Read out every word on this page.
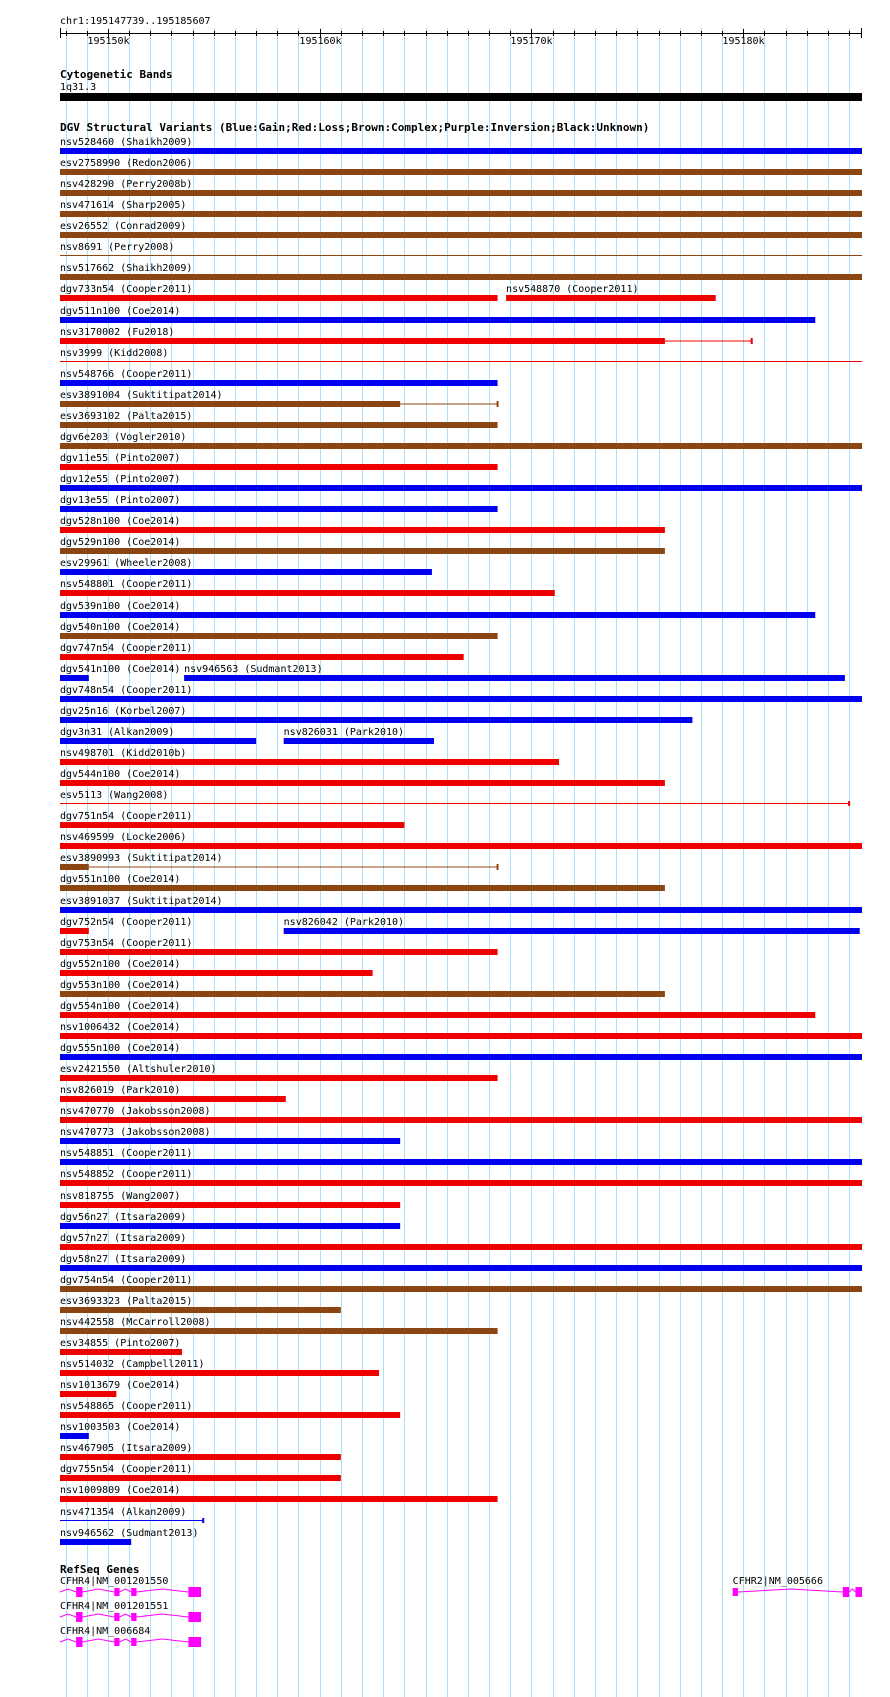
chr1:195147739..195185607
195150k	195160k	195170k	195180k
Cytogenetic Bands
1q31.3
DGV Structural Variants (Blue:Gain;Red:Loss;Brown:Complex;Purple:Inversion;Black:Unknown)
nsv528460 (Shaikh2009)
esv2758990 (Redon2006)
nsv428290 (Perry2008b)
nsv471614 (Sharp2005)
esv26552 (Conrad2009)
nsv8691 (Perry2008)
nsv517662 (Shaikh2009)
dgv733n54 (Cooper2011)	nsv548870 (Cooper2011)
dgv511n100 (Coe2014)
nsv3170002 (Fu2018)
nsv3999 (Kidd2008)
nsv548766 (Cooper2011)
esv3891004 (Suktitipat2014)
esv3693102 (Palta2015)
dgv6e203 (Vogler2010)
dgv11e55 (Pinto2007)
dgv12e55 (Pinto2007)
dgv13e55 (Pinto2007)
dgv528n100 (Coe2014)
dgv529n100 (Coe2014)
esv29961 (Wheeler2008)
nsv548801 (Cooper2011)
dgv539n100 (Coe2014)
dgv540n100 (Coe2014)
dgv747n54 (Cooper2011)
dgv541n100 (Coe2014) nsv946563 (Sudmant2013)
dgv748n54 (Cooper2011)
dgv25n16 (Korbel2007)
dgv3n31 (Alkan2009)	nsv826031 (Park2010)
nsv498701 (Kidd2010b)
dgv544n100 (Coe2014)
esv5113 (Wang2008)
dgv751n54 (Cooper2011)
nsv469599 (Locke2006)
esv3890993 (Suktitipat2014)
dgv551n100 (Coe2014)
esv3891037 (Suktitipat2014)
dgv752n54 (Cooper2011)	nsv826042 (Park2010)
dgv753n54 (Cooper2011)
dgv552n100 (Coe2014)
dgv553n100 (Coe2014)
dgv554n100 (Coe2014)
nsv1006432 (Coe2014)
dgv555n100 (Coe2014)
esv2421550 (Altshuler2010)
nsv826019 (Park2010)
nsv470770 (Jakobsson2008)
nsv470773 (Jakobsson2008)
nsv548851 (Cooper2011)
nsv548852 (Cooper2011)
nsv818755 (Wang2007)
dgv56n27 (Itsara2009)
dgv57n27 (Itsara2009)
dgv58n27 (Itsara2009)
dgv754n54 (Cooper2011)
esv3693323 (Palta2015)
nsv442558 (McCarroll2008)
esv34855 (Pinto2007)
nsv514032 (Campbell2011)
nsv1013679 (Coe2014)
nsv548865 (Cooper2011)
nsv1003503 (Coe2014)
nsv467905 (Itsara2009)
dgv755n54 (Cooper2011)
nsv1009809 (Coe2014)
nsv471354 (Alkan2009)
nsv946562 (Sudmant2013)
RefSeq Genes
CFHR4|NM_001201550
CFHR4|NM_001201551
CFHR4|NM_006684
CFHR2|NM_005666
